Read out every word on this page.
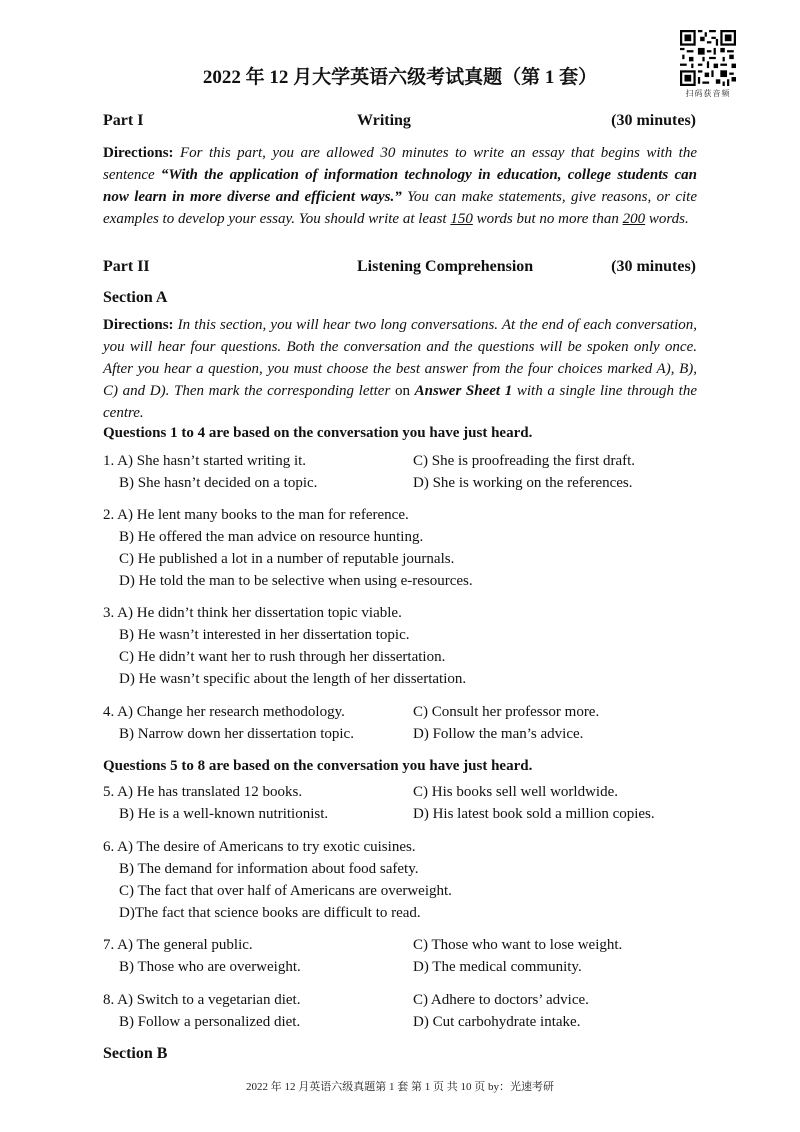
2022 年 12 月大学英语六级考试真题（第 1 套）
扫码获音频
Part I	Writing	(30 minutes)
Directions: For this part, you are allowed 30 minutes to write an essay that begins with the sentence “With the application of information technology in education, college students can now learn in more diverse and efficient ways.” You can make statements, give reasons, or cite examples to develop your essay. You should write at least 150 words but no more than 200 words.
Part II	Listening Comprehension	(30 minutes)
Section A
Directions: In this section, you will hear two long conversations. At the end of each conversation, you will hear four questions. Both the conversation and the questions will be spoken only once. After you hear a question, you must choose the best answer from the four choices marked A), B), C) and D). Then mark the corresponding letter on Answer Sheet 1 with a single line through the centre.
Questions 1 to 4 are based on the conversation you have just heard.
1. A) She hasn’t started writing it.	C) She is proofreading the first draft.
B) She hasn’t decided on a topic.	D) She is working on the references.
2. A) He lent many books to the man for reference.
B) He offered the man advice on resource hunting.
C) He published a lot in a number of reputable journals.
D) He told the man to be selective when using e-resources.
3. A) He didn’t think her dissertation topic viable.
B) He wasn’t interested in her dissertation topic.
C) He didn’t want her to rush through her dissertation.
D) He wasn’t specific about the length of her dissertation.
4. A) Change her research methodology.	C) Consult her professor more.
B) Narrow down her dissertation topic.	D) Follow the man’s advice.
Questions 5 to 8 are based on the conversation you have just heard.
5. A) He has translated 12 books.	C) His books sell well worldwide.
B) He is a well-known nutritionist.	D) His latest book sold a million copies.
6. A) The desire of Americans to try exotic cuisines.
B) The demand for information about food safety.
C) The fact that over half of Americans are overweight.
D)The fact that science books are difficult to read.
7. A) The general public.	C) Those who want to lose weight.
B) Those who are overweight.	D) The medical community.
8. A) Switch to a vegetarian diet.	C) Adhere to doctors’ advice.
B) Follow a personalized diet.	D) Cut carbohydrate intake.
Section B
2022 年 12 月英语六级真题第 1 套 第 1 页 共 10 页 by：光速考研
